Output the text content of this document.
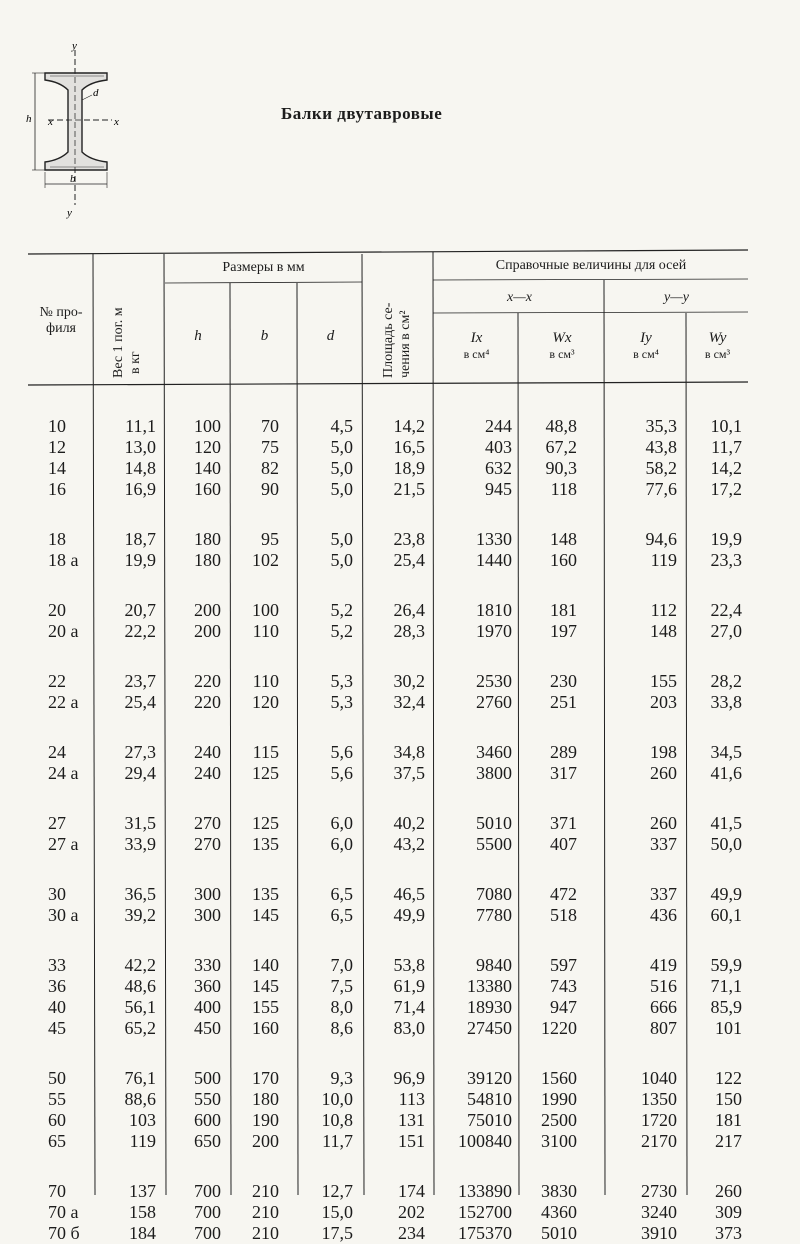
y
y
x	x
h
b
d
Балки двутавровые
№ про-
филя	Вес 1 пог. м в кг
Размеры в мм
h	b	d	Площадь се- чения в см²
Справочные величины для осей
x—x	y—y
Ix
в см⁴
Wx
в см³
Iy
в см⁴
Wy
в см³
10	11,1	100	70	4,5	14,2	244	48,8	35,3	10,1
12	13,0	120	75	5,0	16,5	403	67,2	43,8	11,7
14	14,8	140	82	5,0	18,9	632	90,3	58,2	14,2
16	16,9	160	90	5,0	21,5	945	118	77,6	17,2
18	18,7	180	95	5,0	23,8	1330	148	94,6	19,9
18 а	19,9	180	102	5,0	25,4	1440	160	119	23,3
20	20,7	200	100	5,2	26,4	1810	181	112	22,4
20 а	22,2	200	110	5,2	28,3	1970	197	148	27,0
22	23,7	220	110	5,3	30,2	2530	230	155	28,2
22 а	25,4	220	120	5,3	32,4	2760	251	203	33,8
24	27,3	240	115	5,6	34,8	3460	289	198	34,5
24 а	29,4	240	125	5,6	37,5	3800	317	260	41,6
27	31,5	270	125	6,0	40,2	5010	371	260	41,5
27 а	33,9	270	135	6,0	43,2	5500	407	337	50,0
30	36,5	300	135	6,5	46,5	7080	472	337	49,9
30 а	39,2	300	145	6,5	49,9	7780	518	436	60,1
33	42,2	330	140	7,0	53,8	9840	597	419	59,9
36	48,6	360	145	7,5	61,9	13380	743	516	71,1
40	56,1	400	155	8,0	71,4	18930	947	666	85,9
45	65,2	450	160	8,6	83,0	27450	1220	807	101
50	76,1	500	170	9,3	96,9	39120	1560	1040	122
55	88,6	550	180	10,0	113	54810	1990	1350	150
60	103	600	190	10,8	131	75010	2500	1720	181
65	119	650	200	11,7	151	100840	3100	2170	217
70	137	700	210	12,7	174	133890	3830	2730	260
70 а	158	700	210	15,0	202	152700	4360	3240	309
70 б	184	700	210	17,5	234	175370	5010	3910	373
